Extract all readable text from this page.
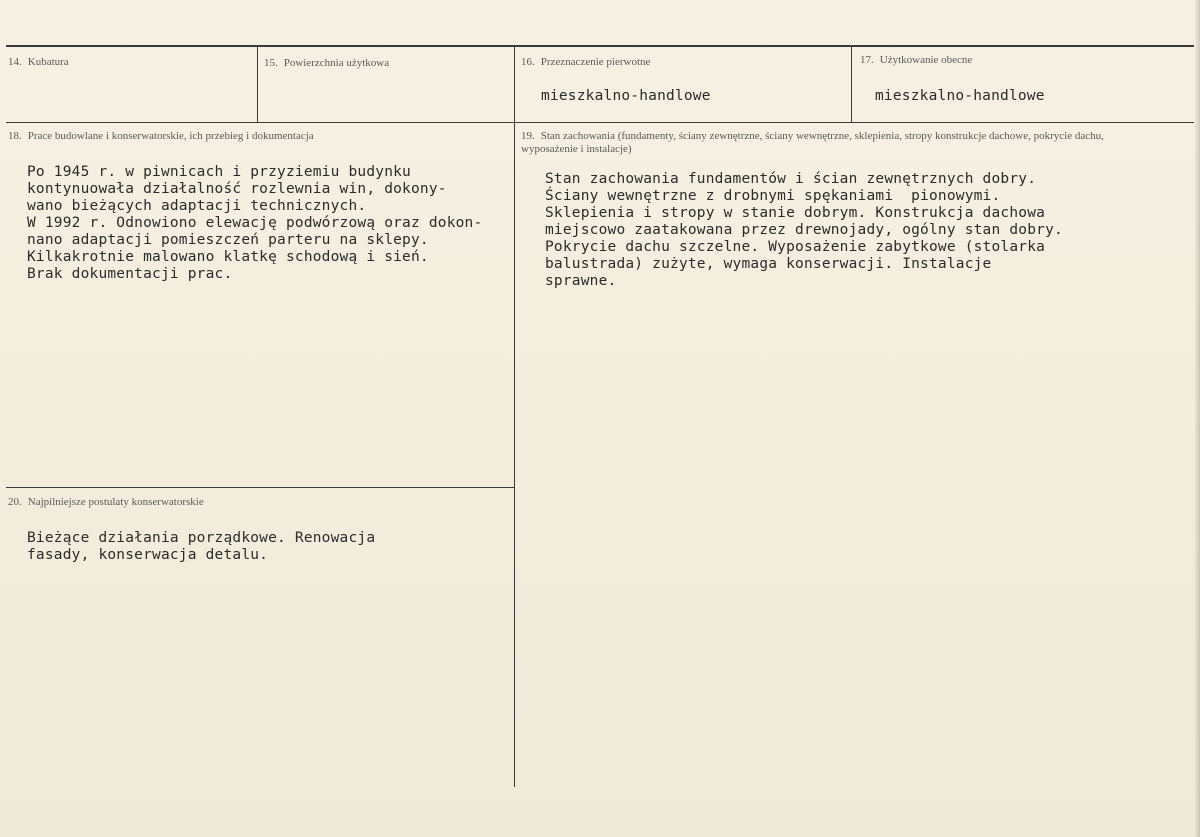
14. Kubatura	15. Powierzchnia użytkowa	16. Przeznaczenie pierwotne
mieszkalno-handlowe
17. Użytkowanie obecne
mieszkalno-handlowe
18. Prace budowlane i konserwatorskie, ich przebieg i dokumentacja
Po 1945 r. w piwnicach i przyziemiu budynku
kontynuowała działalność rozlewnia win, dokony-
wano bieżących adaptacji technicznych.
W 1992 r. Odnowiono elewację podwórzową oraz dokon-
nano adaptacji pomieszczeń parteru na sklepy.
Kilkakrotnie malowano klatkę schodową i sień.
Brak dokumentacji prac.
19. Stan zachowania (fundamenty, ściany zewnętrzne, ściany wewnętrzne, sklepienia, stropy konstrukcje dachowe, pokrycie dachu, wyposażenie i instalacje)
Stan zachowania fundamentów i ścian zewnętrznych dobry.
Ściany wewnętrzne z drobnymi spękaniami  pionowymi.
Sklepienia i stropy w stanie dobrym. Konstrukcja dachowa
miejscowo zaatakowana przez drewnojady, ogólny stan dobry.
Pokrycie dachu szczelne. Wyposażenie zabytkowe (stolarka
balustrada) zużyte, wymaga konserwacji. Instalacje
sprawne.
20. Najpilniejsze postulaty konserwatorskie
Bieżące działania porządkowe. Renowacja
fasady, konserwacja detalu.
